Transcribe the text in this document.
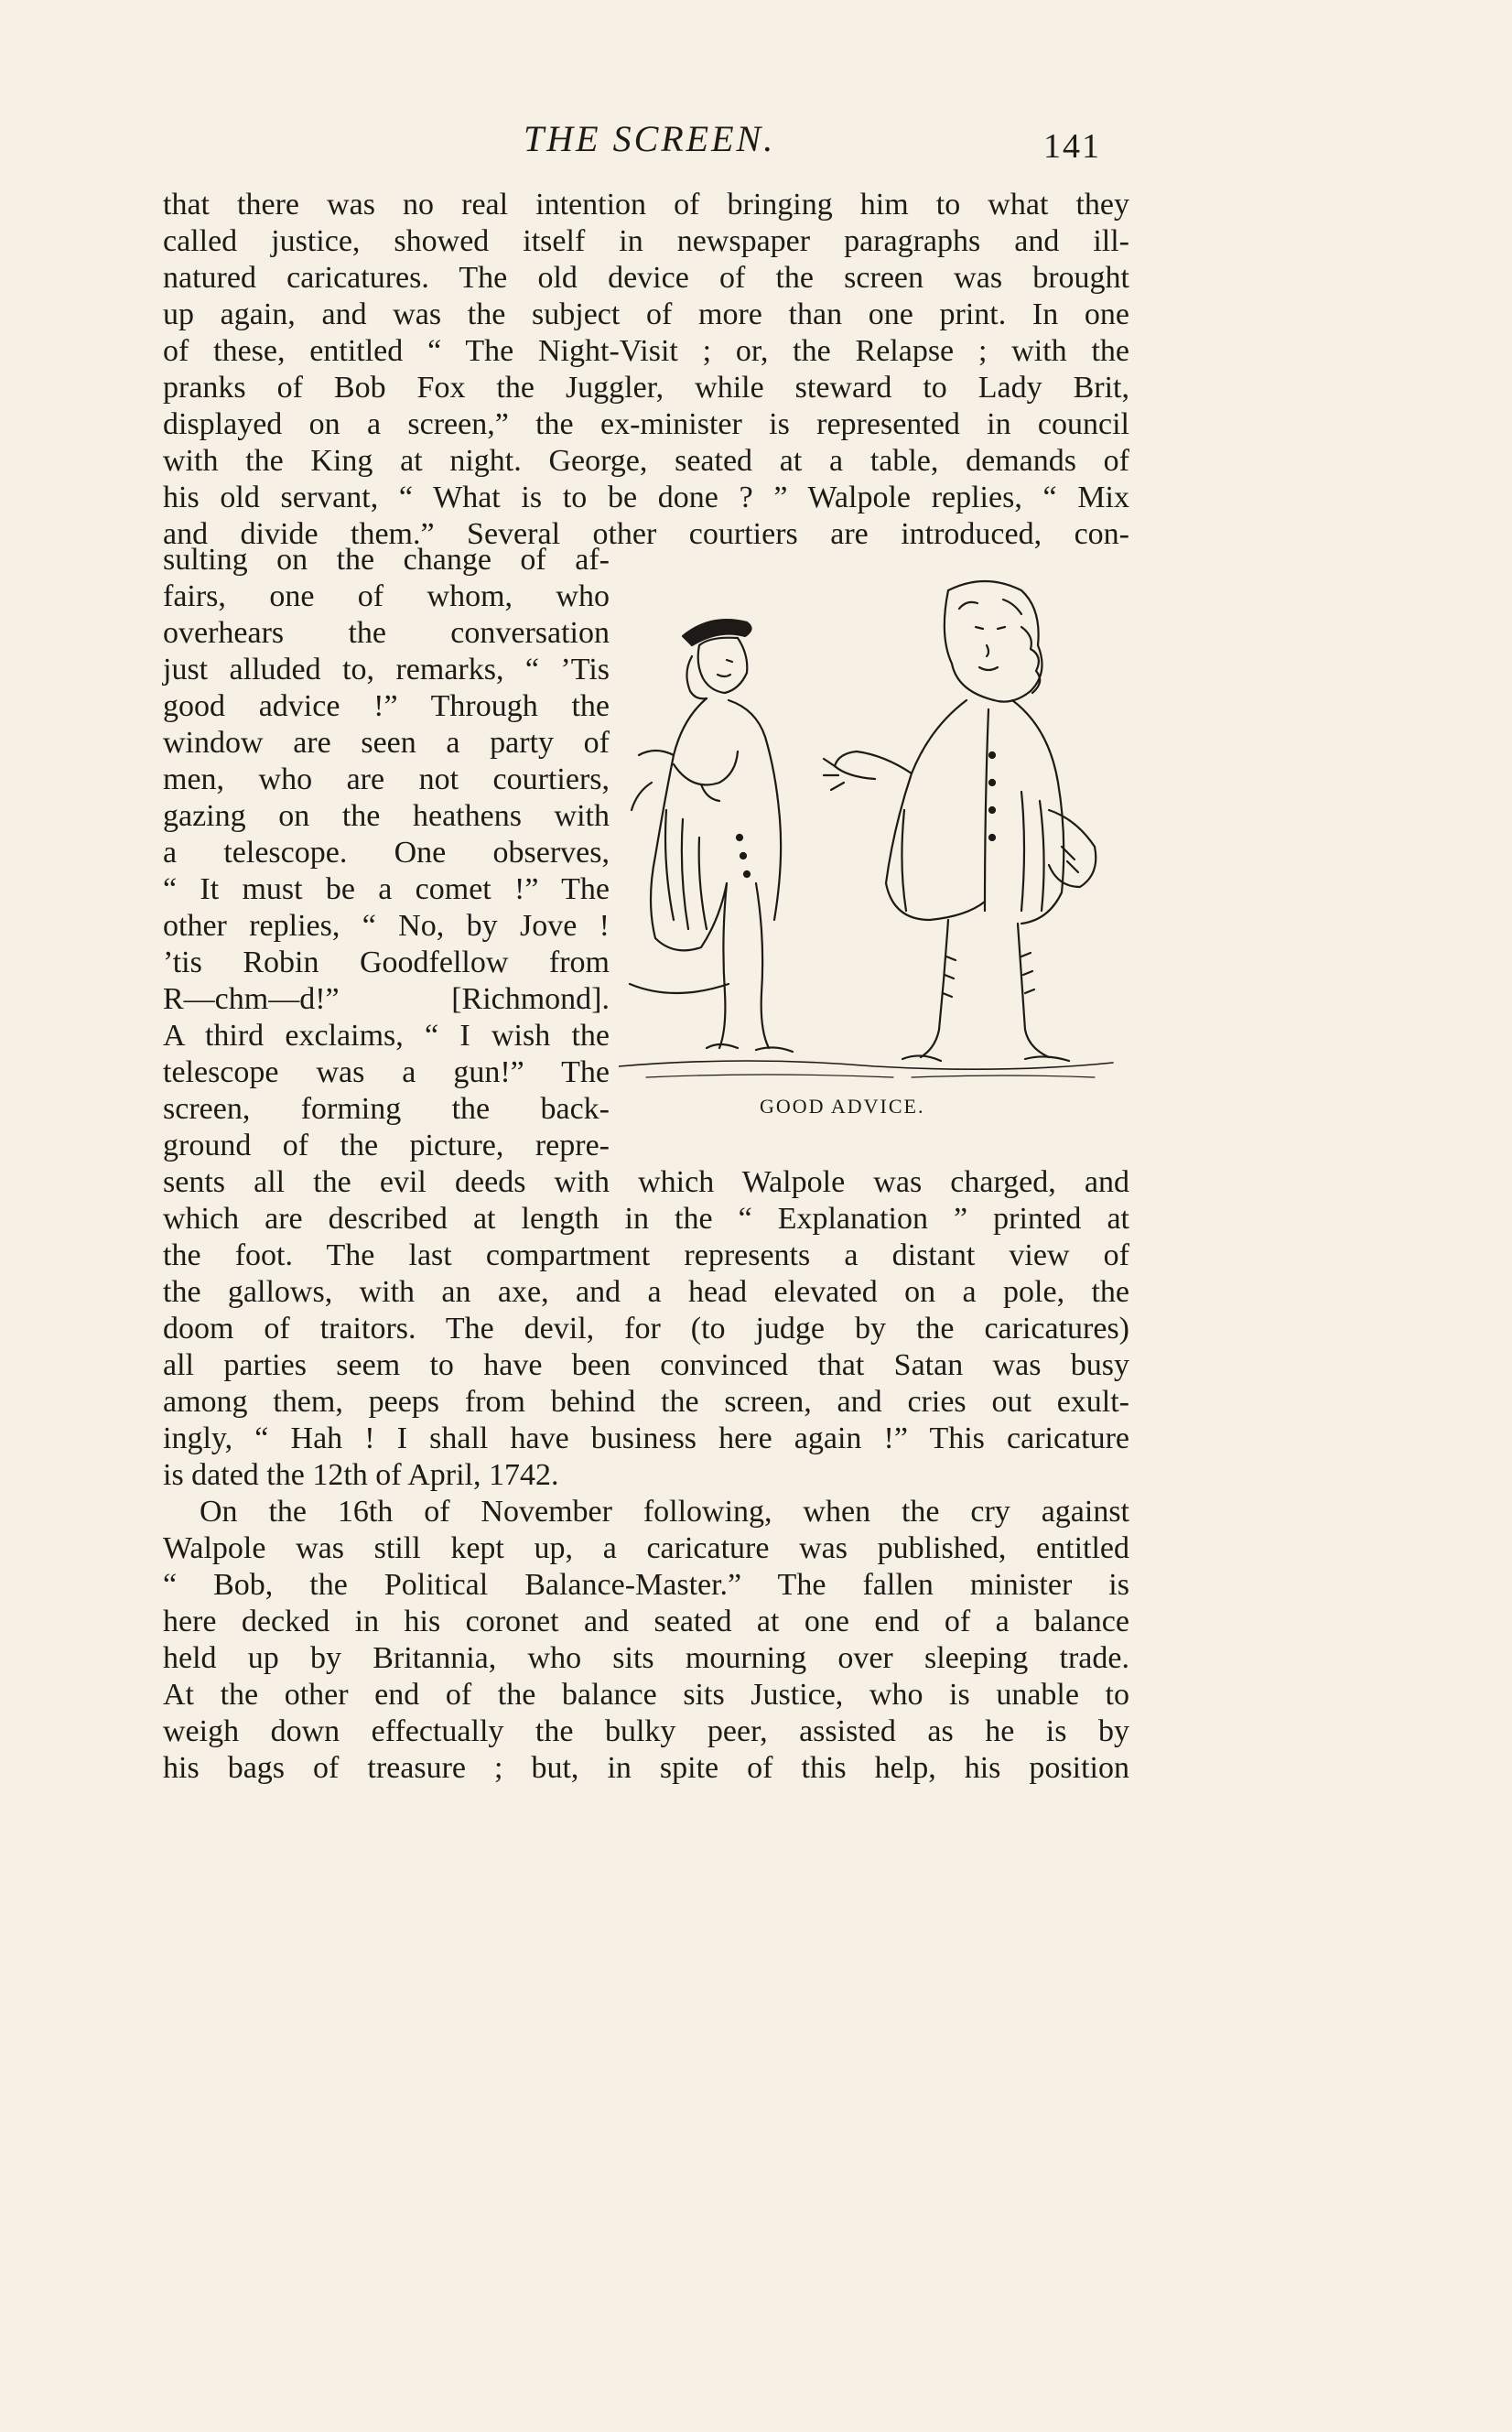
THE SCREEN.	141
that there was no real intention of bringing him to what they
called justice, showed itself in newspaper paragraphs and ill-
natured caricatures. The old device of the screen was brought
up again, and was the subject of more than one print. In one
of these, entitled “ The Night-Visit ; or, the Relapse ; with the
pranks of Bob Fox the Juggler, while steward to Lady Brit,
displayed on a screen,” the ex-minister is represented in council
with the King at night. George, seated at a table, demands of
his old servant, “ What is to be done ? ” Walpole replies, “ Mix
and divide them.” Several other courtiers are introduced, con-
sulting on the change of af-
fairs, one of whom, who
overhears the conversation
just alluded to, remarks, “ ’Tis
good advice !” Through the
window are seen a party of
men, who are not courtiers,
gazing on the heathens with
a telescope. One observes,
“ It must be a comet !” The
other replies, “ No, by Jove !
’tis Robin Goodfellow from
R—chm—d!” [Richmond].
A third exclaims, “ I wish the
telescope was a gun!” The
screen, forming the back-
ground of the picture, repre-
sents all the evil deeds with which Walpole was charged, and
which are described at length in the “ Explanation ” printed at
the foot. The last compartment represents a distant view of
the gallows, with an axe, and a head elevated on a pole, the
doom of traitors. The devil, for (to judge by the caricatures)
all parties seem to have been convinced that Satan was busy
among them, peeps from behind the screen, and cries out exult-
ingly, “ Hah ! I shall have business here again !” This caricature
is dated the 12th of April, 1742.
On the 16th of November following, when the cry against
Walpole was still kept up, a caricature was published, entitled
“ Bob, the Political Balance-Master.” The fallen minister is
here decked in his coronet and seated at one end of a balance
held up by Britannia, who sits mourning over sleeping trade.
At the other end of the balance sits Justice, who is unable to
weigh down effectually the bulky peer, assisted as he is by
his bags of treasure ; but, in spite of this help, his position
GOOD ADVICE.
